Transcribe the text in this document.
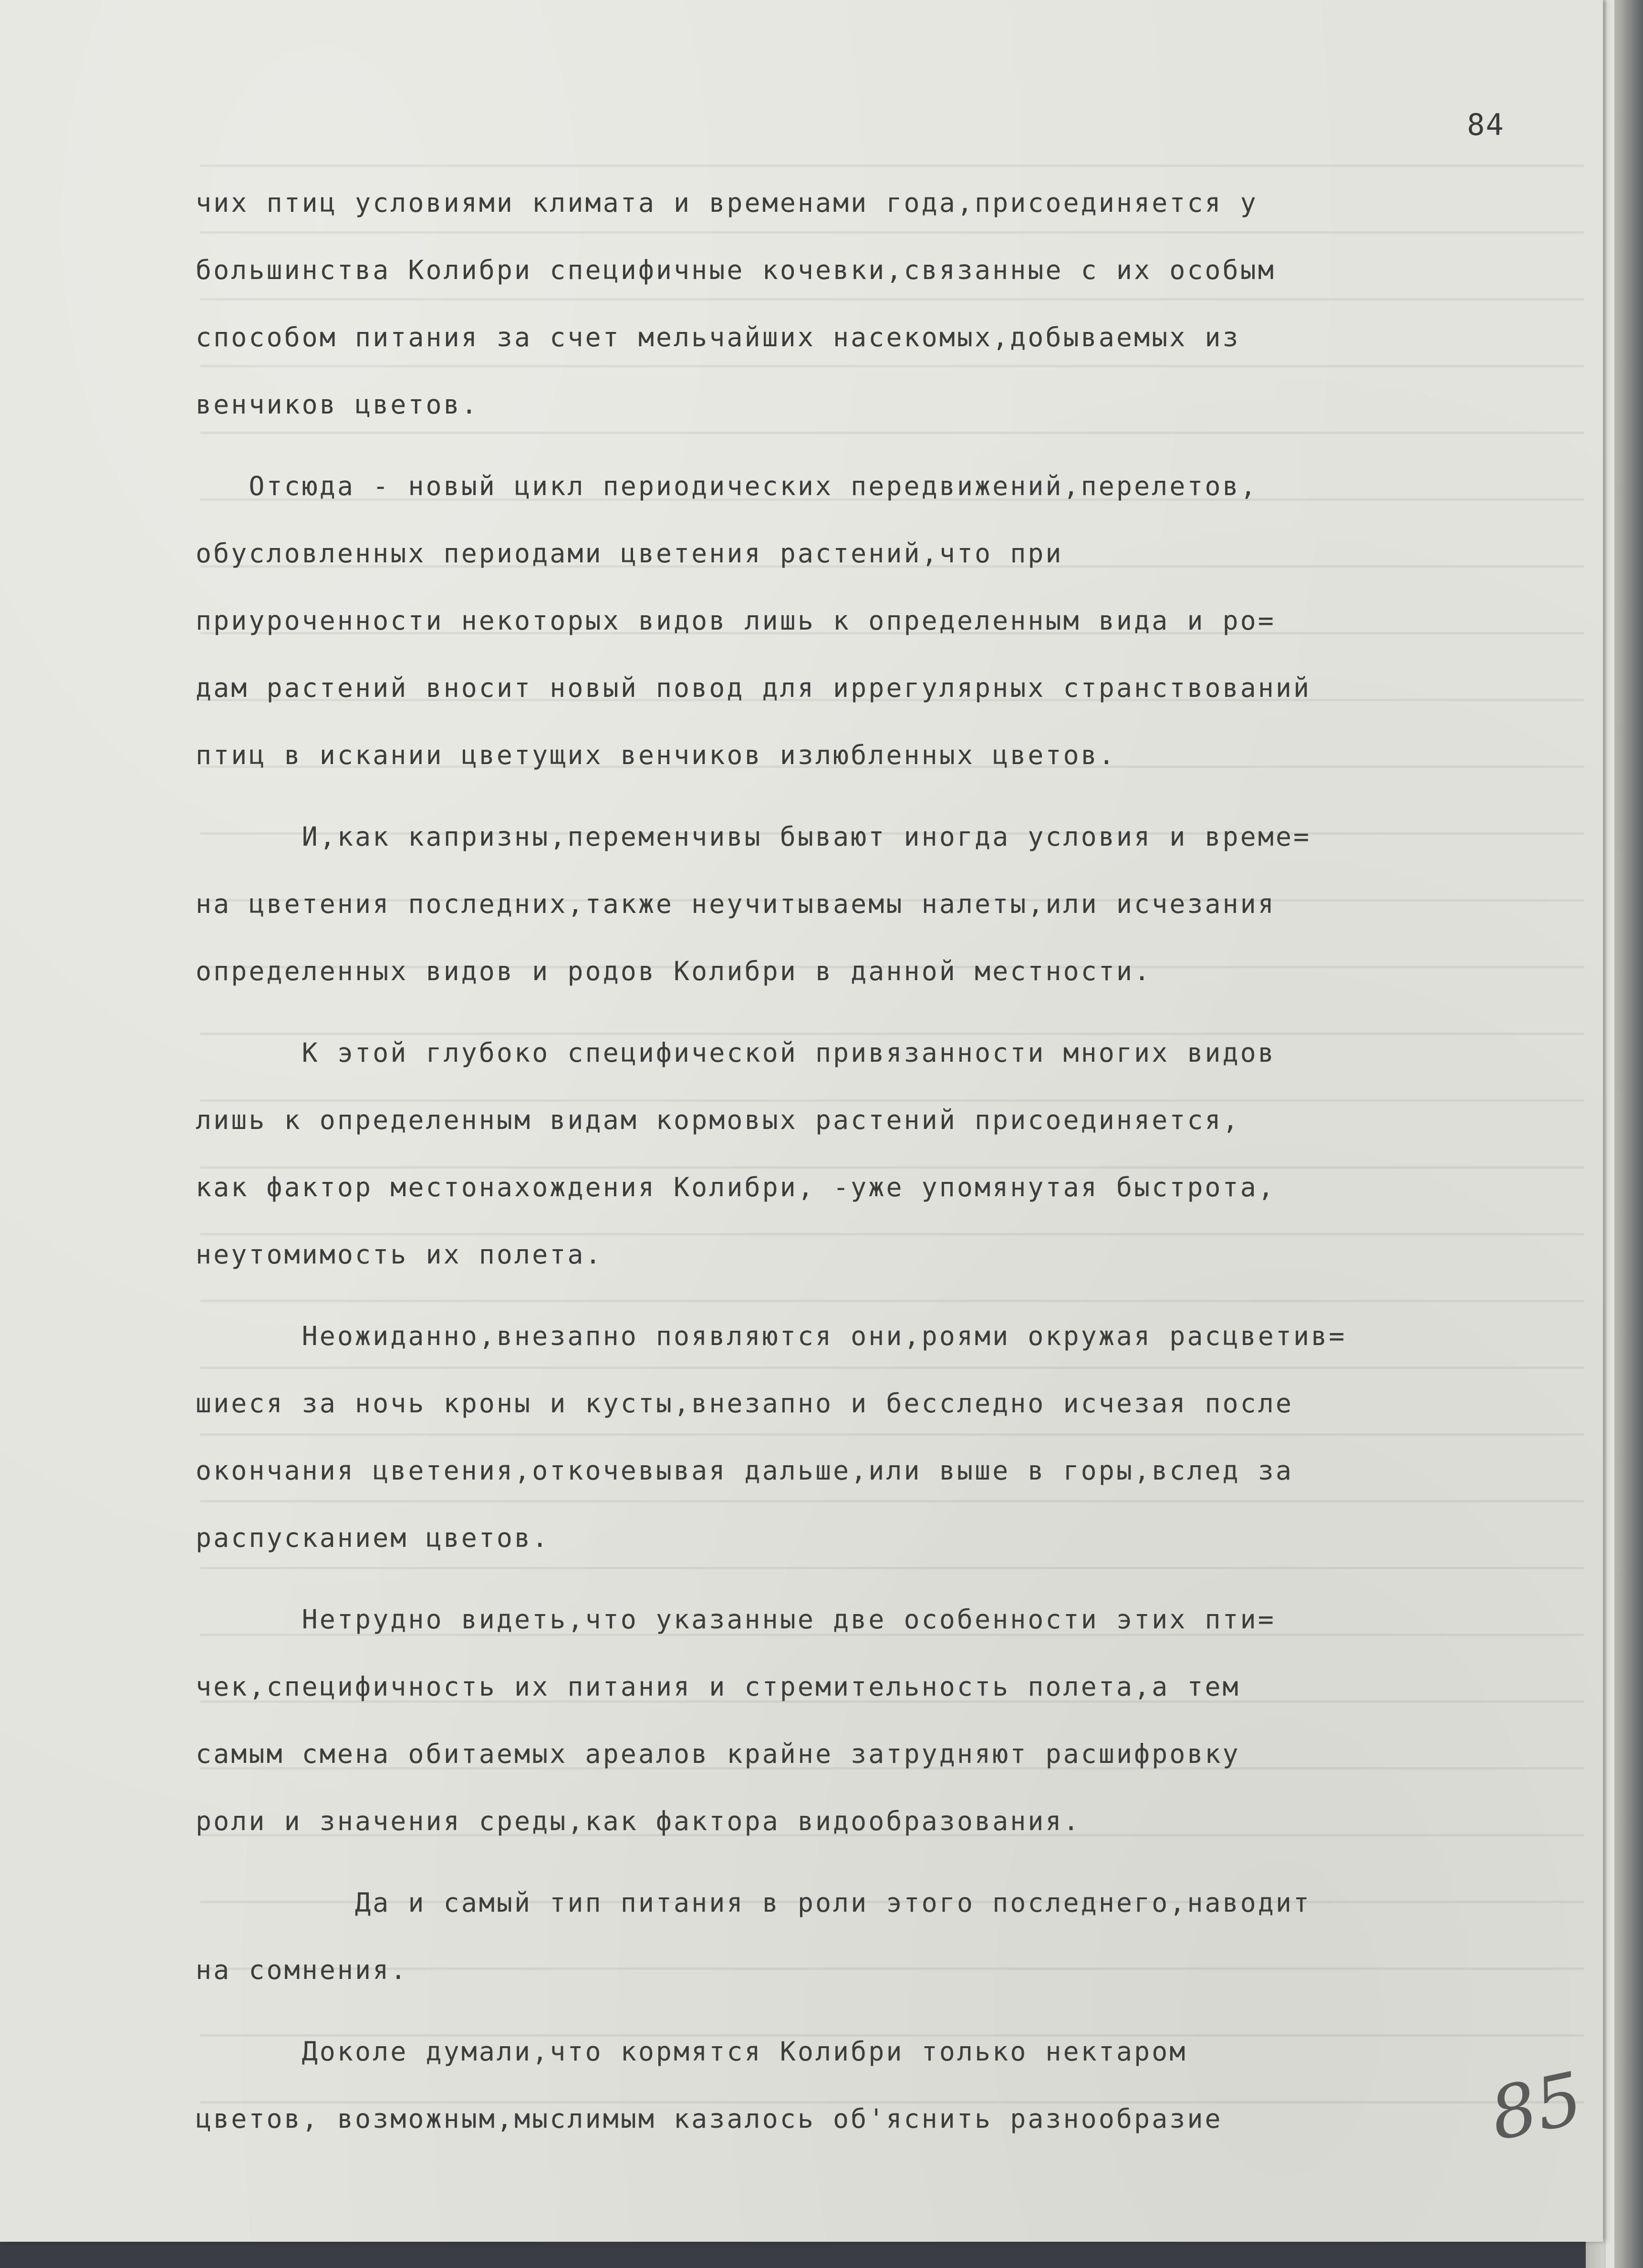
84
чих птиц условиями климата и временами года,присоединяется у
большинства Колибри специфичные кочевки,связанные с их особым
способом питания за счет мельчайших насекомых,добываемых из
венчиков цветов.
Отсюда - новый цикл периодических передвижений,перелетов,
обусловленных периодами цветения растений,что при
приуроченности некоторых видов лишь к определенным вида и ро=
дам растений вносит новый повод для иррегулярных странствований
птиц в искании цветущих венчиков излюбленных цветов.
И,как капризны,переменчивы бывают иногда условия и време=
на цветения последних,также неучитываемы налеты,или исчезания
определенных видов и родов Колибри в данной местности.
К этой глубоко специфической привязанности многих видов
лишь к определенным видам кормовых растений присоединяется,
как фактор местонахождения Колибри, -уже упомянутая быстрота,
неутомимость их полета.
Неожиданно,внезапно появляются они,роями окружая расцветив=
шиеся за ночь кроны и кусты,внезапно и бесследно исчезая после
окончания цветения,откочевывая дальше,или выше в горы,вслед за
распусканием цветов.
Нетрудно видеть,что указанные две особенности этих пти=
чек,специфичность их питания и стремительность полета,а тем
самым смена обитаемых ареалов крайне затрудняют расшифровку
роли и значения среды,как фактора видообразования.
Да и самый тип питания в роли этого последнего,наводит
на сомнения.
Доколе думали,что кормятся Колибри только нектаром
цветов, возможным,мыслимым казалось об'яснить разнообразие	85
